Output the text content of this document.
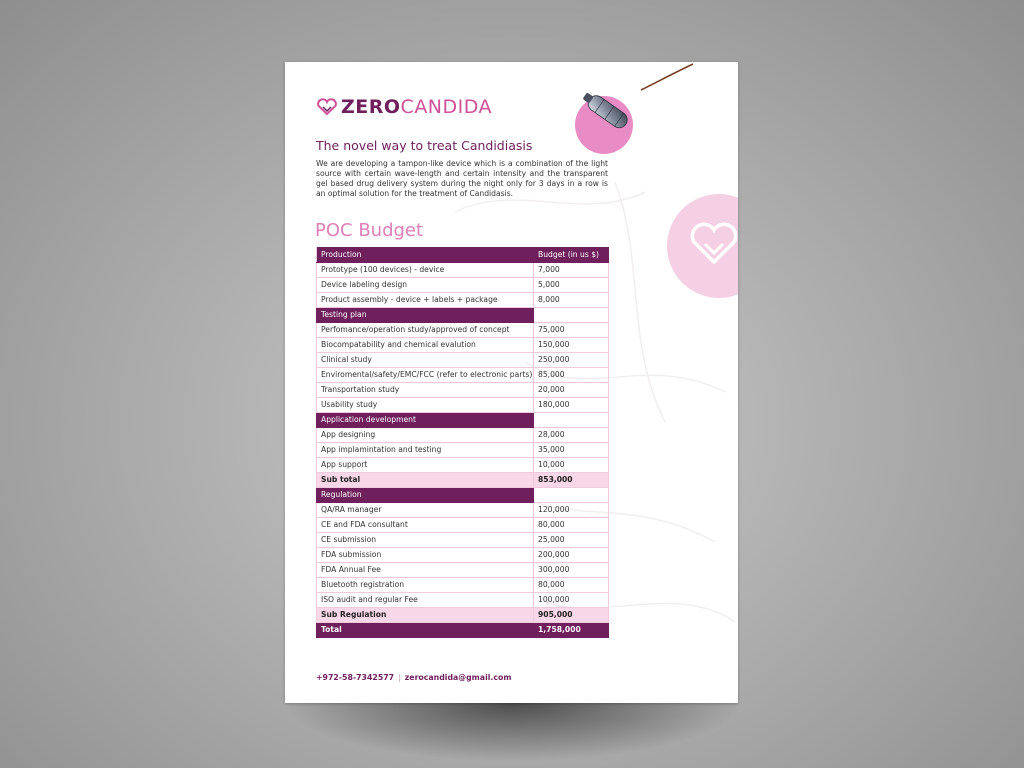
ZERO CANDIDA
The novel way to treat Candidiasis

We are developing a tampon-like device which is a combination of the light source with certain wave-length and certain intensity and the transparent gel based drug delivery system during the night only for 3 days in a row is an optimal solution for the treatment of Candidasis.

POC Budget
Production	Budget (in us $)
Prototype (100 devices) - device	7,000
Device labeling design	5,000
Product assembly - device + labels + package	8,000
Testing plan	
Perfomance/operation study/approved of concept	75,000
Biocompatability and chemical evalution	150,000
Clinical study	250,000
Enviromental/safety/EMC/FCC (refer to electronic parts)	85,000
Transportation study	20,000
Usability study	180,000
Application development	
App designing	28,000
App implamintation and testing	35,000
App support	10,000
Sub total	853,000
Regulation	
QA/RA manager	120,000
CE and FDA consultant	80,000
CE submission	25,000
FDA submission	200,000
FDA Annual Fee	300,000
Bluetooth registration	80,000
ISO audit and regular Fee	100,000
Sub Regulation	905,000
Total	1,758,000
+972-58-7342577 | zerocandida@gmail.com
